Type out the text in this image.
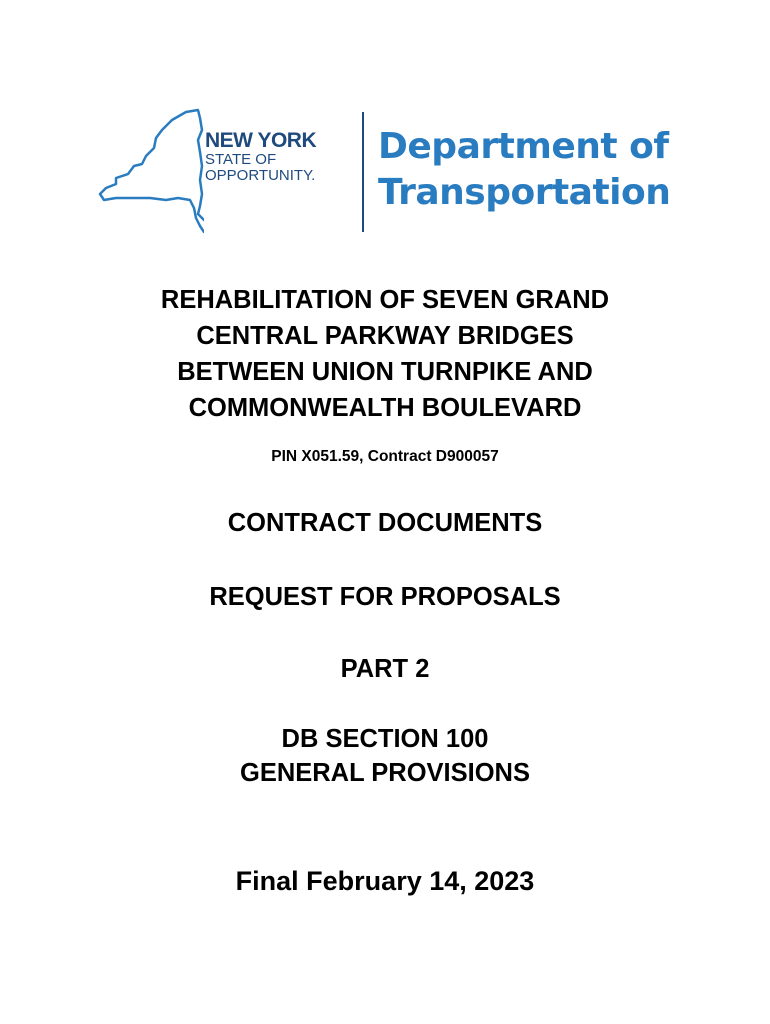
NEW YORK
STATE OF
OPPORTUNITY.
Department of
Transportation
REHABILITATION OF SEVEN GRAND
CENTRAL PARKWAY BRIDGES
BETWEEN UNION TURNPIKE AND
COMMONWEALTH BOULEVARD
PIN X051.59, Contract D900057
CONTRACT DOCUMENTS
REQUEST FOR PROPOSALS
PART 2
DB SECTION 100
GENERAL PROVISIONS
Final February 14, 2023
